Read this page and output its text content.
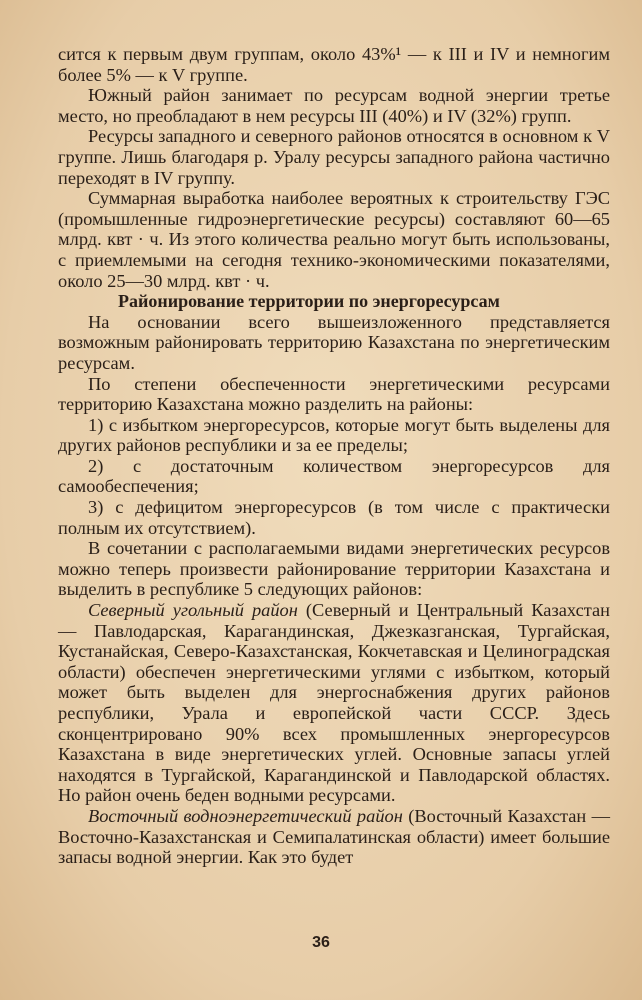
сится к первым двум группам, около 43%¹ — к III и IV и немногим более 5% — к V группе.

Южный район занимает по ресурсам водной энергии третье место, но преобладают в нем ресурсы III (40%) и IV (32%) групп.

Ресурсы западного и северного районов относятся в основном к V группе. Лишь благодаря р. Уралу ресурсы западного района частично переходят в IV группу.

Суммарная выработка наиболее вероятных к строительству ГЭС (промышленные гидроэнергетические ресурсы) составляют 60—65 млрд. квт · ч. Из этого количества реально могут быть использованы, с приемлемыми на сегодня технико-экономическими показателями, около 25—30 млрд. квт · ч.

Районирование территории по энергоресурсам

На основании всего вышеизложенного представляется возможным районировать территорию Казахстана по энергетическим ресурсам.

По степени обеспеченности энергетическими ресурсами территорию Казахстана можно разделить на районы:

1) с избытком энергоресурсов, которые могут быть выделены для других районов республики и за ее пределы;

2) с достаточным количеством энергоресурсов для самообеспечения;

3) с дефицитом энергоресурсов (в том числе с практически полным их отсутствием).

В сочетании с располагаемыми видами энергетических ресурсов можно теперь произвести районирование территории Казахстана и выделить в республике 5 следующих районов:

Северный угольный район (Северный и Центральный Казахстан — Павлодарская, Карагандинская, Джезказганская, Тургайская, Кустанайская, Северо-Казахстанская, Кокчетавская и Целиноградская области) обеспечен энергетическими углями с избытком, который может быть выделен для энергоснабжения других районов республики, Урала и европейской части СССР. Здесь сконцентрировано 90% всех промышленных энергоресурсов Казахстана в виде энергетических углей. Основные запасы углей находятся в Тургайской, Карагандинской и Павлодарской областях. Но район очень беден водными ресурсами.

Восточный водноэнергетический район (Восточный Казахстан — Восточно-Казахстанская и Семипалатинская области) имеет большие запасы водной энергии. Как это будет

36
